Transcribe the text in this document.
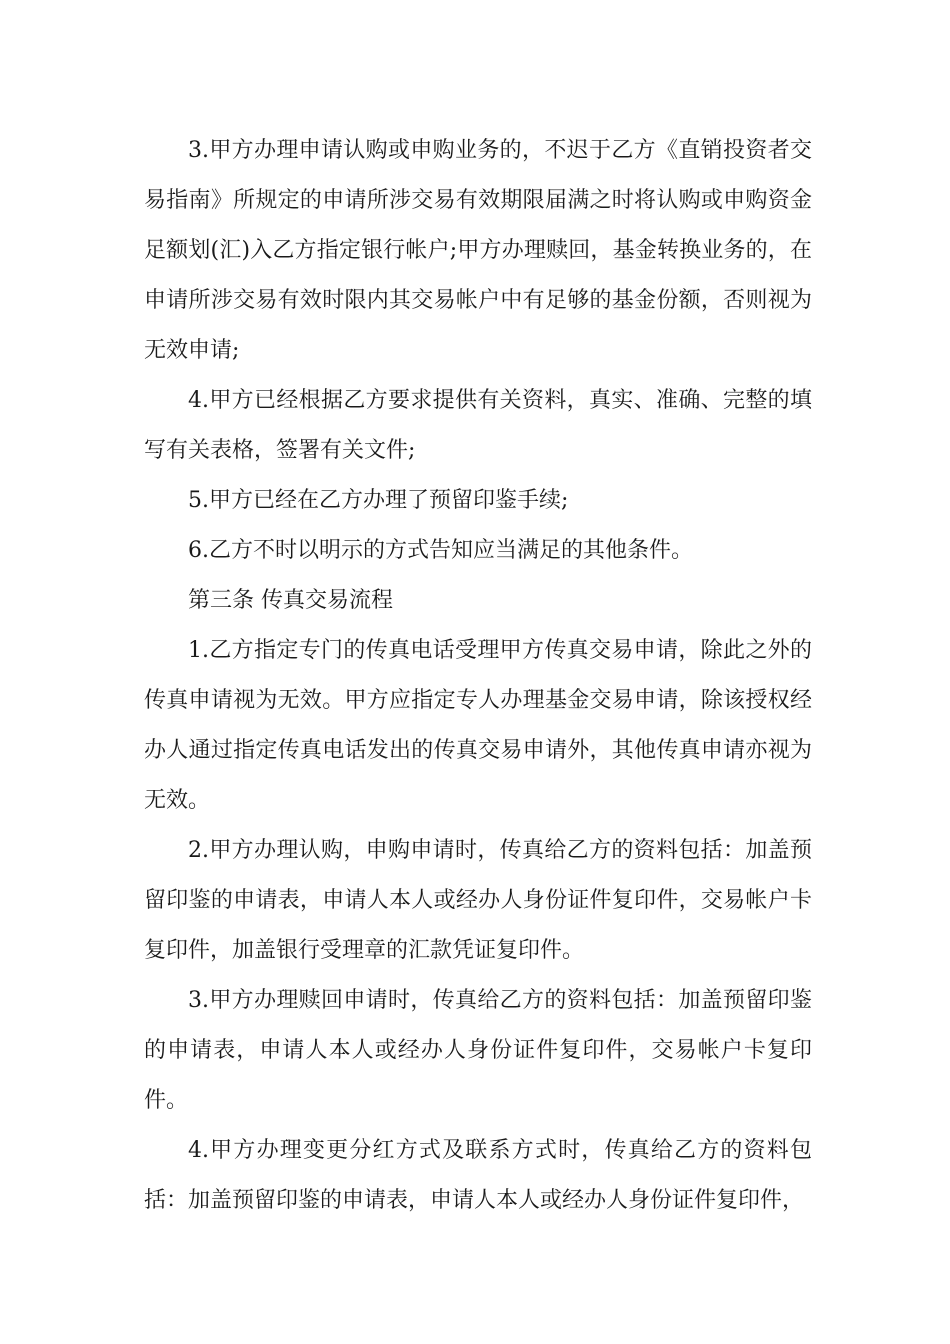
3.甲方办理申请认购或申购业务的，不迟于乙方《直销投资者交易指南》所规定的申请所涉交易有效期限届满之时将认购或申购资金足额划(汇)入乙方指定银行帐户;甲方办理赎回，基金转换业务的，在申请所涉交易有效时限内其交易帐户中有足够的基金份额，否则视为无效申请;

4.甲方已经根据乙方要求提供有关资料，真实、准确、完整的填写有关表格，签署有关文件;

5.甲方已经在乙方办理了预留印鉴手续;

6.乙方不时以明示的方式告知应当满足的其他条件。

第三条 传真交易流程

1.乙方指定专门的传真电话受理甲方传真交易申请，除此之外的传真申请视为无效。甲方应指定专人办理基金交易申请，除该授权经办人通过指定传真电话发出的传真交易申请外，其他传真申请亦视为无效。

2.甲方办理认购，申购申请时，传真给乙方的资料包括：加盖预留印鉴的申请表，申请人本人或经办人身份证件复印件，交易帐户卡复印件，加盖银行受理章的汇款凭证复印件。

3.甲方办理赎回申请时，传真给乙方的资料包括：加盖预留印鉴的申请表，申请人本人或经办人身份证件复印件，交易帐户卡复印件。

4.甲方办理变更分红方式及联系方式时，传真给乙方的资料包括：加盖预留印鉴的申请表，申请人本人或经办人身份证件复印件，
